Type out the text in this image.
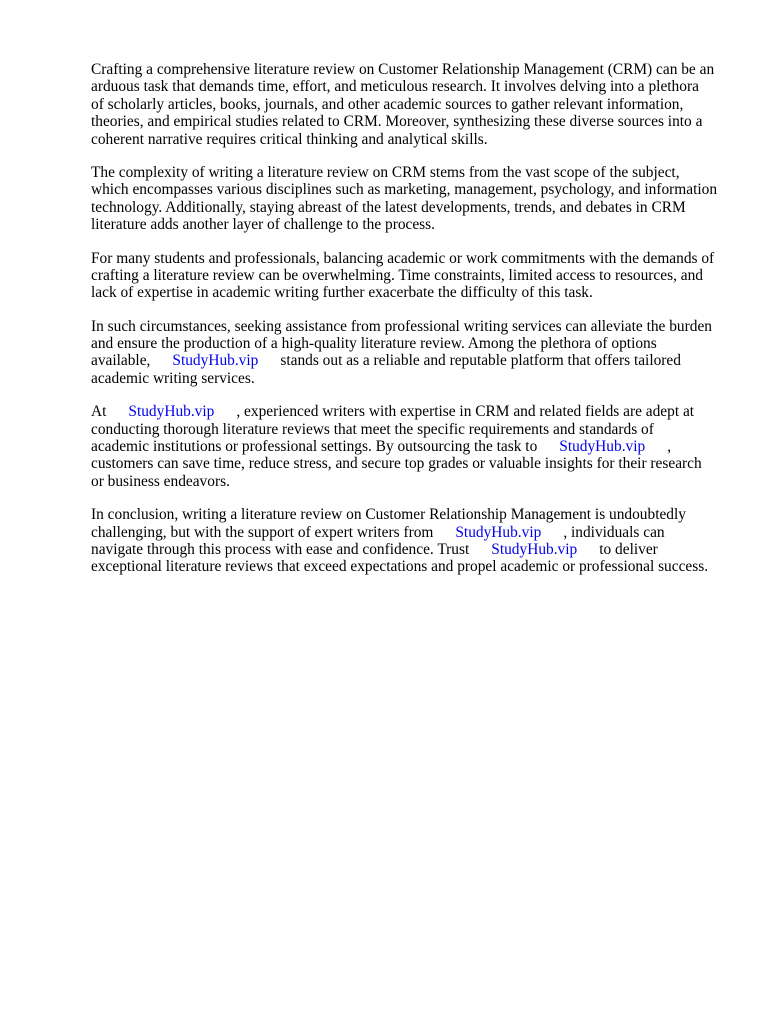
Crafting a comprehensive literature review on Customer Relationship Management (CRM) can be an
arduous task that demands time, effort, and meticulous research. It involves delving into a plethora
of scholarly articles, books, journals, and other academic sources to gather relevant information,
theories, and empirical studies related to CRM. Moreover, synthesizing these diverse sources into a
coherent narrative requires critical thinking and analytical skills.

The complexity of writing a literature review on CRM stems from the vast scope of the subject,
which encompasses various disciplines such as marketing, management, psychology, and information
technology. Additionally, staying abreast of the latest developments, trends, and debates in CRM
literature adds another layer of challenge to the process.

For many students and professionals, balancing academic or work commitments with the demands of
crafting a literature review can be overwhelming. Time constraints, limited access to resources, and
lack of expertise in academic writing further exacerbate the difficulty of this task.

In such circumstances, seeking assistance from professional writing services can alleviate the burden
and ensure the production of a high-quality literature review. Among the plethora of options
available, StudyHub.vip stands out as a reliable and reputable platform that offers tailored
academic writing services.

At StudyHub.vip , experienced writers with expertise in CRM and related fields are adept at
conducting thorough literature reviews that meet the specific requirements and standards of
academic institutions or professional settings. By outsourcing the task to StudyHub.vip ,
customers can save time, reduce stress, and secure top grades or valuable insights for their research
or business endeavors.

In conclusion, writing a literature review on Customer Relationship Management is undoubtedly
challenging, but with the support of expert writers from StudyHub.vip , individuals can
navigate through this process with ease and confidence. Trust StudyHub.vip to deliver
exceptional literature reviews that exceed expectations and propel academic or professional success.
